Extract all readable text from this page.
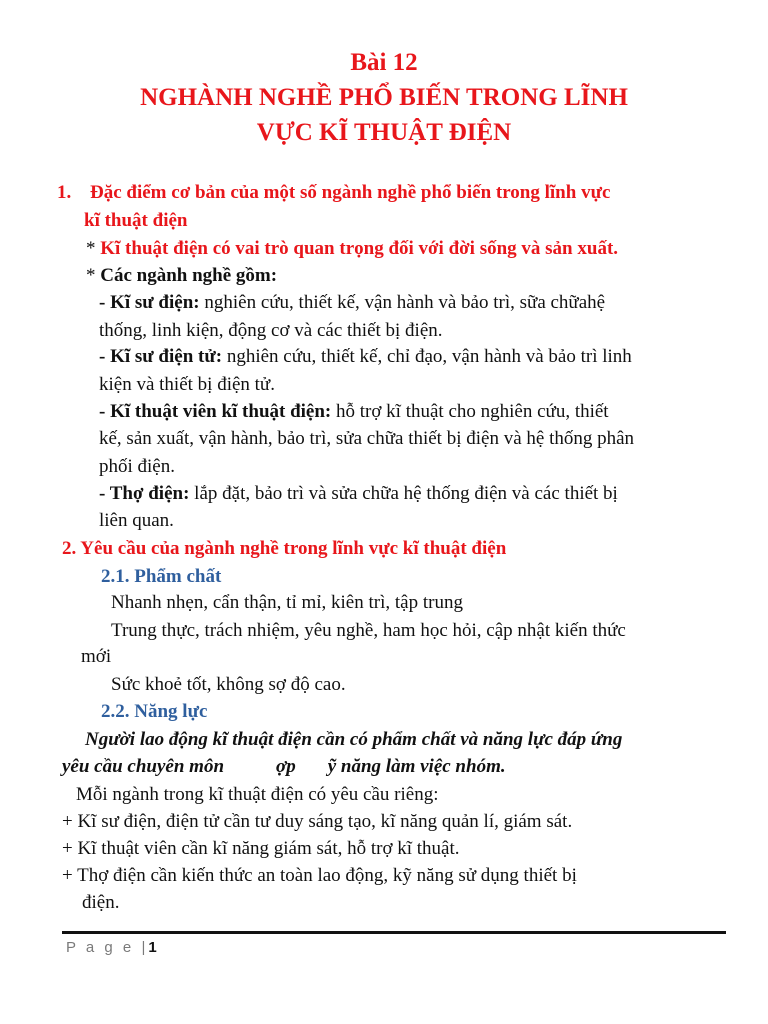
Bài 12
NGHÀNH NGHỀ PHỔ BIẾN TRONG LĨNH
VỰC KĨ THUẬT ĐIỆN
1. Đặc điểm cơ bản của một số ngành nghề phổ biến trong lĩnh vực
kĩ thuật điện
* Kĩ thuật điện có vai trò quan trọng đối với đời sống và sản xuất.
* Các ngành nghề gồm:
- Kĩ sư điện: nghiên cứu, thiết kế, vận hành và bảo trì, sữa chữahệ
thống, linh kiện, động cơ và các thiết bị điện.
- Kĩ sư điện tử: nghiên cứu, thiết kế, chỉ đạo, vận hành và bảo trì linh
kiện và thiết bị điện tử.
- Kĩ thuật viên kĩ thuật điện: hỗ trợ kĩ thuật cho nghiên cứu, thiết
kế, sản xuất, vận hành, bảo trì, sửa chữa thiết bị điện và hệ thống phân
phối điện.
- Thợ điện: lắp đặt, bảo trì và sửa chữa hệ thống điện và các thiết bị
liên quan.
2. Yêu cầu của ngành nghề trong lĩnh vực kĩ thuật điện
2.1. Phẩm chất
Nhanh nhẹn, cẩn thận, tỉ mỉ, kiên trì, tập trung
Trung thực, trách nhiệm, yêu nghề, ham học hỏi, cập nhật kiến thức
mới
Sức khoẻ tốt, không sợ độ cao.
2.2. Năng lực
Người lao động kĩ thuật điện cần có phẩm chất và năng lực đáp ứng
yêu cầu chuyên môn	ợp ỹ năng làm việc nhóm.
Mỗi ngành trong kĩ thuật điện có yêu cầu riêng:
+ Kĩ sư điện, điện tử cần tư duy sáng tạo, kĩ năng quản lí, giám sát.
+ Kĩ thuật viên cần kĩ năng giám sát, hỗ trợ kĩ thuật.
+ Thợ điện cần kiến thức an toàn lao động, kỹ năng sử dụng thiết bị
điện.
P a g e |1
